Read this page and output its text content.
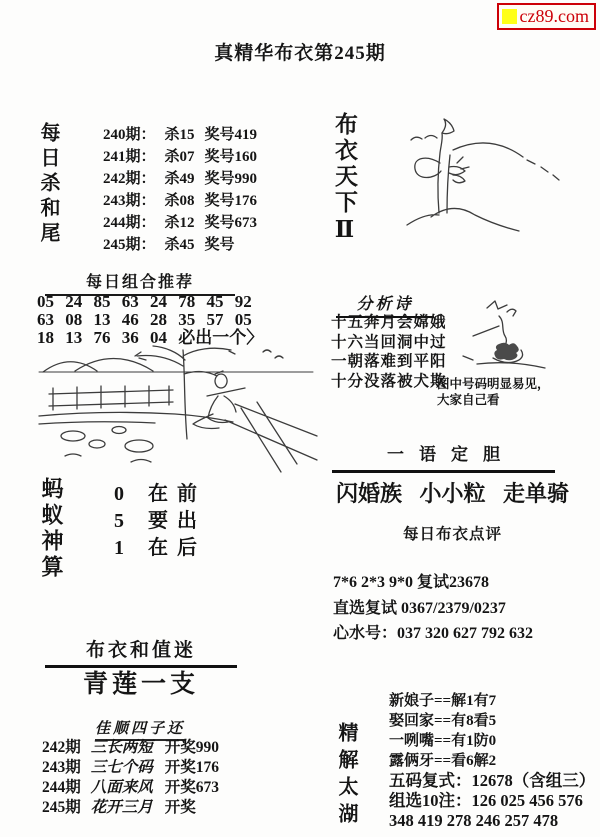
cz89.com
真精华布衣第245期
每日杀和尾	240期： 杀15 奖号419
241期： 杀07 奖号160
242期： 杀49 奖号990
243期： 杀08 奖号176
244期： 杀12 奖号673
245期： 杀45 奖号
每日组合推荐
05 24 85 63 24 78 45 92
63 08 13 46 28 35 57 05
18 13 76 36 04 必出一个〉
蚂蚁神算	0 在前
5 要出
1 在后
布衣和值迷
青莲一支
佳顺四子还
242期 三长两短 开奖990
243期 三七个码 开奖176
244期 八面来风 开奖673
245期 花开三月 开奖
布衣天下Ⅱ
分析诗
十五奔月会嫦娥
十六当回洞中过
一朝落难到平阳
十分没落被犬欺
图中号码明显易见，
大家自己看
一语定胆
闪婚族 小小粒 走单骑
每日布衣点评
7*6 2*3 9*0 复试23678
直选复试 0367/2379/0237
心水号：037 320 627 792 632
精解太湖
新娘子==解1有7
娶回家==有8看5
一咧嘴==有1防0
露俩牙==看6解2
五码复式：12678（含组三）
组选10注：126 025 456 576
348 419 278 246 257 478
